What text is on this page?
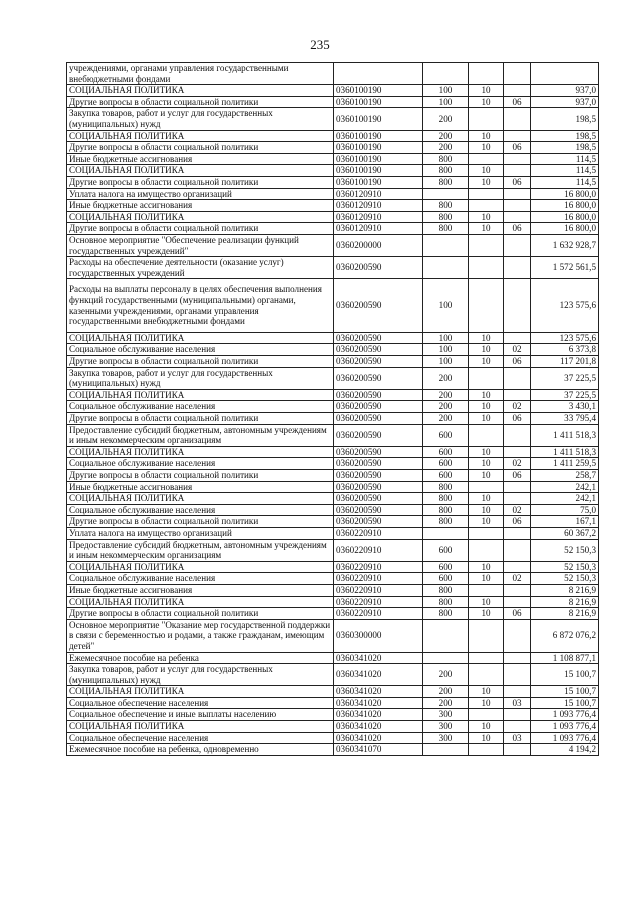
235
учреждениями, органами управления государственными внебюджетными фондами					
СОЦИАЛЬНАЯ ПОЛИТИКА	0360100190	100	10		937,0
Другие вопросы в области социальной политики	0360100190	100	10	06	937,0
Закупка товаров, работ и услуг для государственных (муниципальных) нужд	0360100190	200			198,5
СОЦИАЛЬНАЯ ПОЛИТИКА	0360100190	200	10		198,5
Другие вопросы в области социальной политики	0360100190	200	10	06	198,5
Иные бюджетные ассигнования	0360100190	800			114,5
СОЦИАЛЬНАЯ ПОЛИТИКА	0360100190	800	10		114,5
Другие вопросы в области социальной политики	0360100190	800	10	06	114,5
Уплата налога на имущество организаций	0360120910				16 800,0
Иные бюджетные ассигнования	0360120910	800			16 800,0
СОЦИАЛЬНАЯ ПОЛИТИКА	0360120910	800	10		16 800,0
Другие вопросы в области социальной политики	0360120910	800	10	06	16 800,0
Основное мероприятие "Обеспечение реализации функций государственных учреждений"	0360200000				1 632 928,7
Расходы на обеспечение деятельности (оказание услуг) государственных учреждений	0360200590				1 572 561,5
Расходы на выплаты персоналу в целях обеспечения выполнения функций государственными (муниципальными) органами, казенными учреждениями, органами управления государственными внебюджетными фондами	0360200590	100			123 575,6
СОЦИАЛЬНАЯ ПОЛИТИКА	0360200590	100	10		123 575,6
Социальное обслуживание населения	0360200590	100	10	02	6 373,8
Другие вопросы в области социальной политики	0360200590	100	10	06	117 201,8
Закупка товаров, работ и услуг для государственных (муниципальных) нужд	0360200590	200			37 225,5
СОЦИАЛЬНАЯ ПОЛИТИКА	0360200590	200	10		37 225,5
Социальное обслуживание населения	0360200590	200	10	02	3 430,1
Другие вопросы в области социальной политики	0360200590	200	10	06	33 795,4
Предоставление субсидий бюджетным, автономным учреждениям и иным некоммерческим организациям	0360200590	600			1 411 518,3
СОЦИАЛЬНАЯ ПОЛИТИКА	0360200590	600	10		1 411 518,3
Социальное обслуживание населения	0360200590	600	10	02	1 411 259,5
Другие вопросы в области социальной политики	0360200590	600	10	06	258,7
Иные бюджетные ассигнования	0360200590	800			242,1
СОЦИАЛЬНАЯ ПОЛИТИКА	0360200590	800	10		242,1
Социальное обслуживание населения	0360200590	800	10	02	75,0
Другие вопросы в области социальной политики	0360200590	800	10	06	167,1
Уплата налога на имущество организаций	0360220910				60 367,2
Предоставление субсидий бюджетным, автономным учреждениям и иным некоммерческим организациям	0360220910	600			52 150,3
СОЦИАЛЬНАЯ ПОЛИТИКА	0360220910	600	10		52 150,3
Социальное обслуживание населения	0360220910	600	10	02	52 150,3
Иные бюджетные ассигнования	0360220910	800			8 216,9
СОЦИАЛЬНАЯ ПОЛИТИКА	0360220910	800	10		8 216,9
Другие вопросы в области социальной политики	0360220910	800	10	06	8 216,9
Основное мероприятие "Оказание мер государственной поддержки в связи с беременностью и родами, а также гражданам, имеющим детей"	0360300000				6 872 076,2
Ежемесячное пособие на ребенка	0360341020				1 108 877,1
Закупка товаров, работ и услуг для государственных (муниципальных) нужд	0360341020	200			15 100,7
СОЦИАЛЬНАЯ ПОЛИТИКА	0360341020	200	10		15 100,7
Социальное обеспечение населения	0360341020	200	10	03	15 100,7
Социальное обеспечение и иные выплаты населению	0360341020	300			1 093 776,4
СОЦИАЛЬНАЯ ПОЛИТИКА	0360341020	300	10		1 093 776,4
Социальное обеспечение населения	0360341020	300	10	03	1 093 776,4
Ежемесячное пособие на ребенка, одновременно	0360341070				4 194,2
